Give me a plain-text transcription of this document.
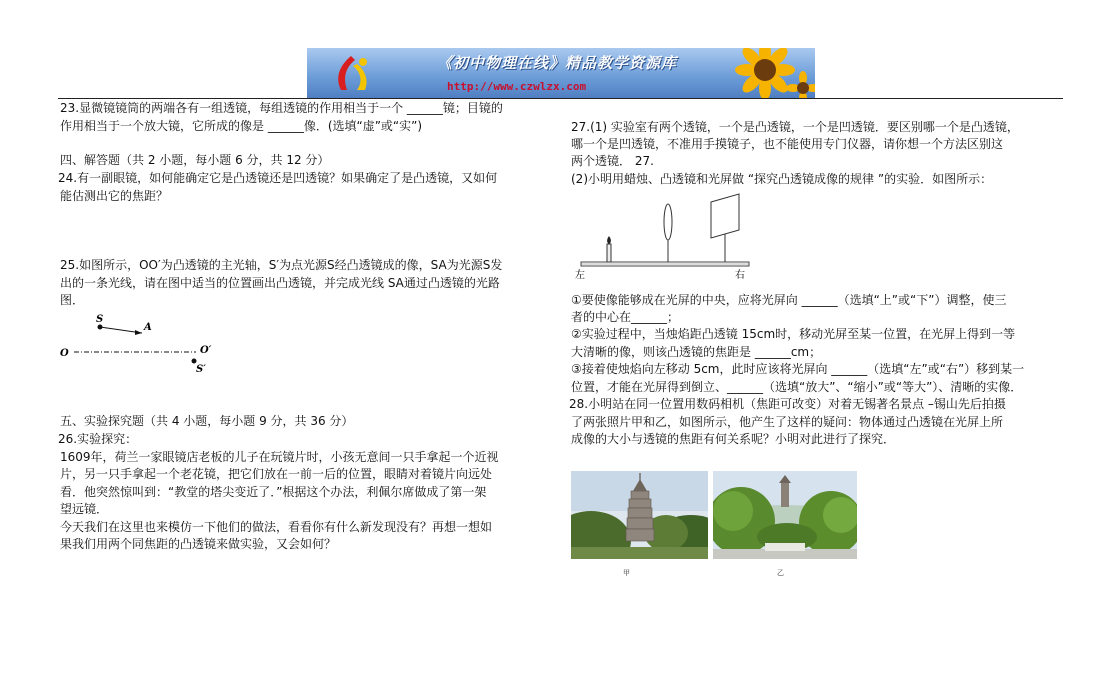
《初中物理在线》精品教学资源库
http://www.czwlzx.com
23.显微镜镜筒的两端各有一组透镜，每组透镜的作用相当于一个 ______镜；目镜的
作用相当于一个放大镜，它所成的像是 ______像．(选填“虚”或“实”)
四、解答题（共 2 小题，每小题 6 分，共 12 分）
24.有一副眼镜，如何能确定它是凸透镜还是凹透镜？如果确定了是凸透镜，又如何
能估测出它的焦距？
25.如图所示，OO′为凸透镜的主光轴，S′为点光源S经凸透镜成的像，SA为光源S发
出的一条光线，请在图中适当的位置画出凸透镜，并完成光线 SA通过凸透镜的光路
图．
S
A
O	O′
S′
五、实验探究题（共 4 小题，每小题 9 分，共 36 分）
26.实验探究：
1609年，荷兰一家眼镜店老板的儿子在玩镜片时，小孩无意间一只手拿起一个近视
片，另一只手拿起一个老花镜，把它们放在一前一后的位置，眼睛对着镜片向远处
看．他突然惊叫到：“教堂的塔尖变近了．”根据这个办法，利佩尔席做成了第一架
望远镜．
今天我们在这里也来模仿一下他们的做法，看看你有什么新发现没有？再想一想如
果我们用两个同焦距的凸透镜来做实验，又会如何？
27.(1) 实验室有两个透镜，一个是凸透镜，一个是凹透镜．要区别哪一个是凸透镜，
哪一个是凹透镜，不准用手摸镜子，也不能使用专门仪器，请你想一个方法区别这
两个透镜． 27.
(2)小明用蜡烛、凸透镜和光屏做 “探究凸透镜成像的规律 ”的实验．如图所示：
左	右
①要使像能够成在光屏的中央，应将光屏向 ______（选填“上”或“下”）调整，使三
者的中心在______；
②实验过程中，当烛焰距凸透镜 15cm时，移动光屏至某一位置，在光屏上得到一等
大清晰的像，则该凸透镜的焦距是 ______cm；
③接着使烛焰向左移动 5cm，此时应该将光屏向 ______（选填“左”或“右”）移到某一
位置，才能在光屏得到倒立、______（选填“放大”、“缩小”或“等大”）、清晰的实像．
28.小明站在同一位置用数码相机（焦距可改变）对着无锡著名景点 –锡山先后拍摄
了两张照片甲和乙，如图所示，他产生了这样的疑问：物体通过凸透镜在光屏上所
成像的大小与透镜的焦距有何关系呢？小明对此进行了探究．
甲	乙
